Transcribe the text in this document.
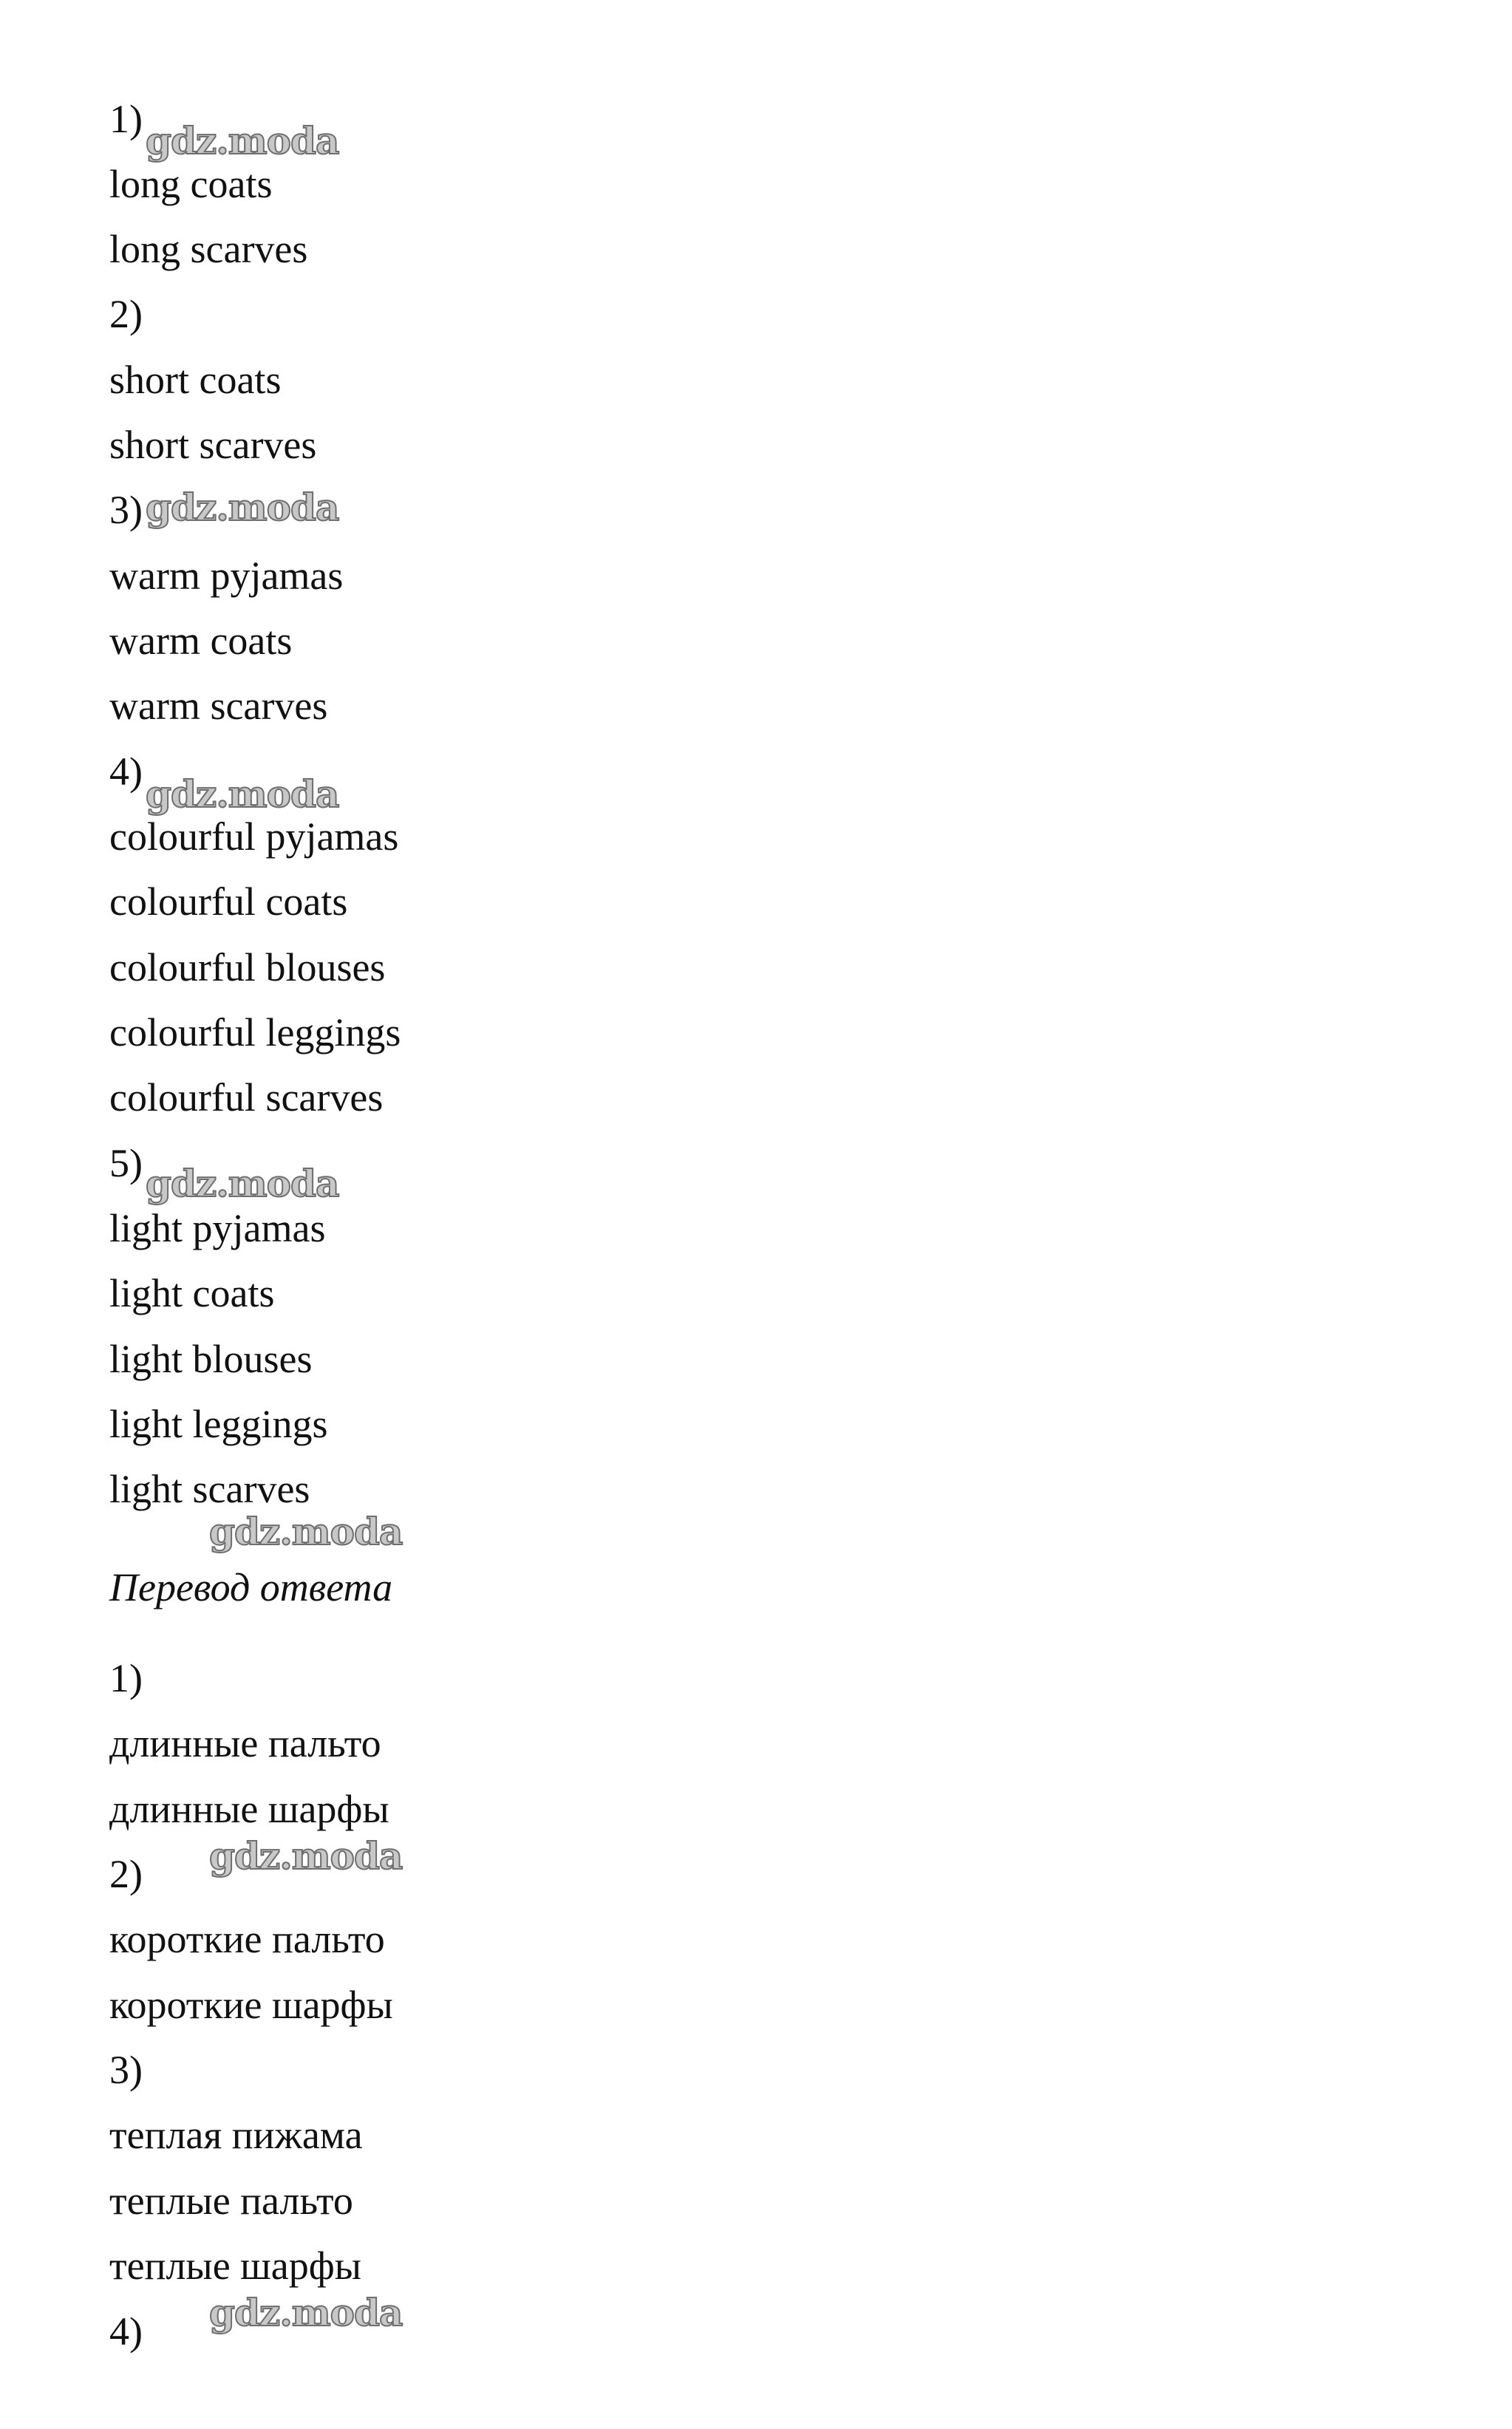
1)
long coats
long scarves
2)
short coats
short scarves
3)
warm pyjamas
warm coats
warm scarves
4)
colourful pyjamas
colourful coats
colourful blouses
colourful leggings
colourful scarves
5)
light pyjamas
light coats
light blouses
light leggings
light scarves
Перевод ответа
1)
длинные пальто
длинные шарфы
2)
короткие пальто
короткие шарфы
3)
теплая пижама
теплые пальто
теплые шарфы
4)
gdz.moda
gdz.moda
gdz.moda
gdz.moda
gdz.moda
gdz.moda
gdz.moda
